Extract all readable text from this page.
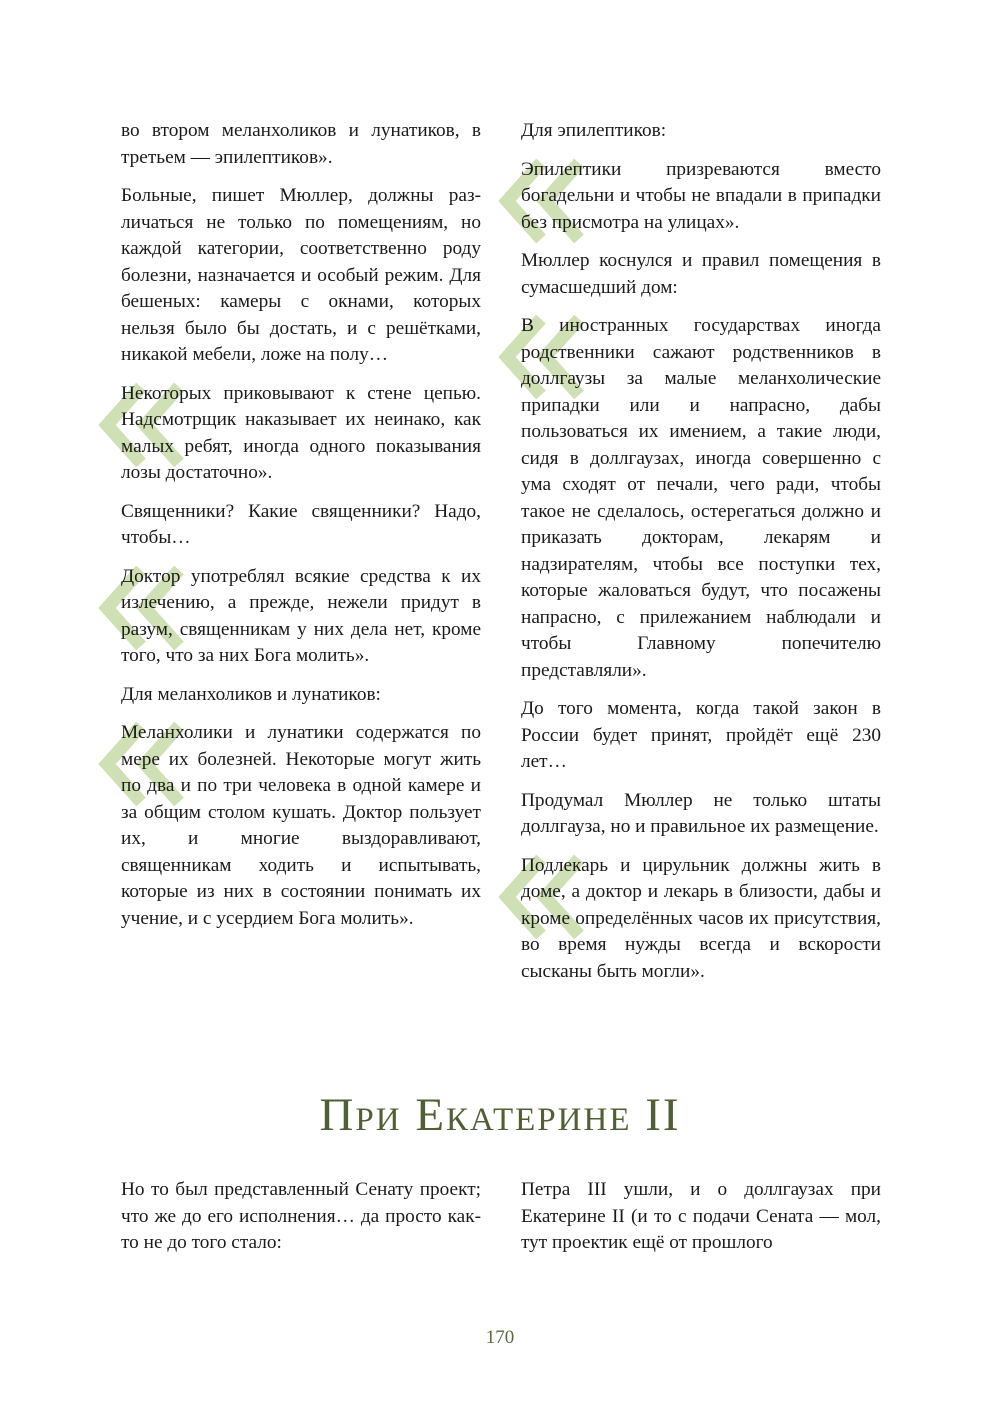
во втором меланхоликов и лунатиков, в третьем — эпилептиков».

Больные, пишет Мюллер, должны различаться не только по помещениям, но каждой категории, соответственно роду болезни, назначается и особый режим. Для бешеных: камеры с окнами, которых нельзя было бы достать, и с решётками, никакой мебели, ложе на полу…

Некоторых приковывают к стене цепью. Надсмотрщик наказывает их неинако, как малых ребят, иногда одного показывания лозы достаточно».

Священники? Какие священники? Надо, чтобы…

Доктор употреблял всякие средства к их излечению, а прежде, нежели придут в разум, священникам у них дела нет, кроме того, что за них Бога молить».

Для меланхоликов и лунатиков:

Меланхолики и лунатики содержатся по мере их болезней. Некоторые могут жить по два и по три человека в одной камере и за общим столом кушать. Доктор пользует их, и многие выздоравливают, священникам ходить и испытывать, которые из них в состоянии понимать их учение, и с усердием Бога молить».

Для эпилептиков:

Эпилептики призреваются вместо богадельни и чтобы не впадали в припадки без присмотра на улицах».

Мюллер коснулся и правил помещения в сумасшедший дом:

В иностранных государствах иногда родственники сажают родственников в доллгаузы за малые меланхолические припадки или и напрасно, дабы пользоваться их имением, а такие люди, сидя в доллгаузах, иногда совершенно с ума сходят от печали, чего ради, чтобы такое не сделалось, остерегаться должно и приказать докторам, лекарям и надзирателям, чтобы все поступки тех, которые жаловаться будут, что посажены напрасно, с прилежанием наблюдали и чтобы Главному попечителю представляли».

До того момента, когда такой закон в России будет принят, пройдёт ещё 230 лет…

Продумал Мюллер не только штаты доллгауза, но и правильное их размещение.

Подлекарь и цирульник должны жить в доме, а доктор и лекарь в близости, дабы и кроме определённых часов их присутствия, во время нужды всегда и вскорости сысканы быть могли».
При Екатерине II
Но то был представленный Сенату проект; что же до его исполнения… да просто как-то не до того стало:
Петра III ушли, и о доллгаузах при Екатерине II (и то с подачи Сената — мол, тут проектик ещё от прошлого
170
